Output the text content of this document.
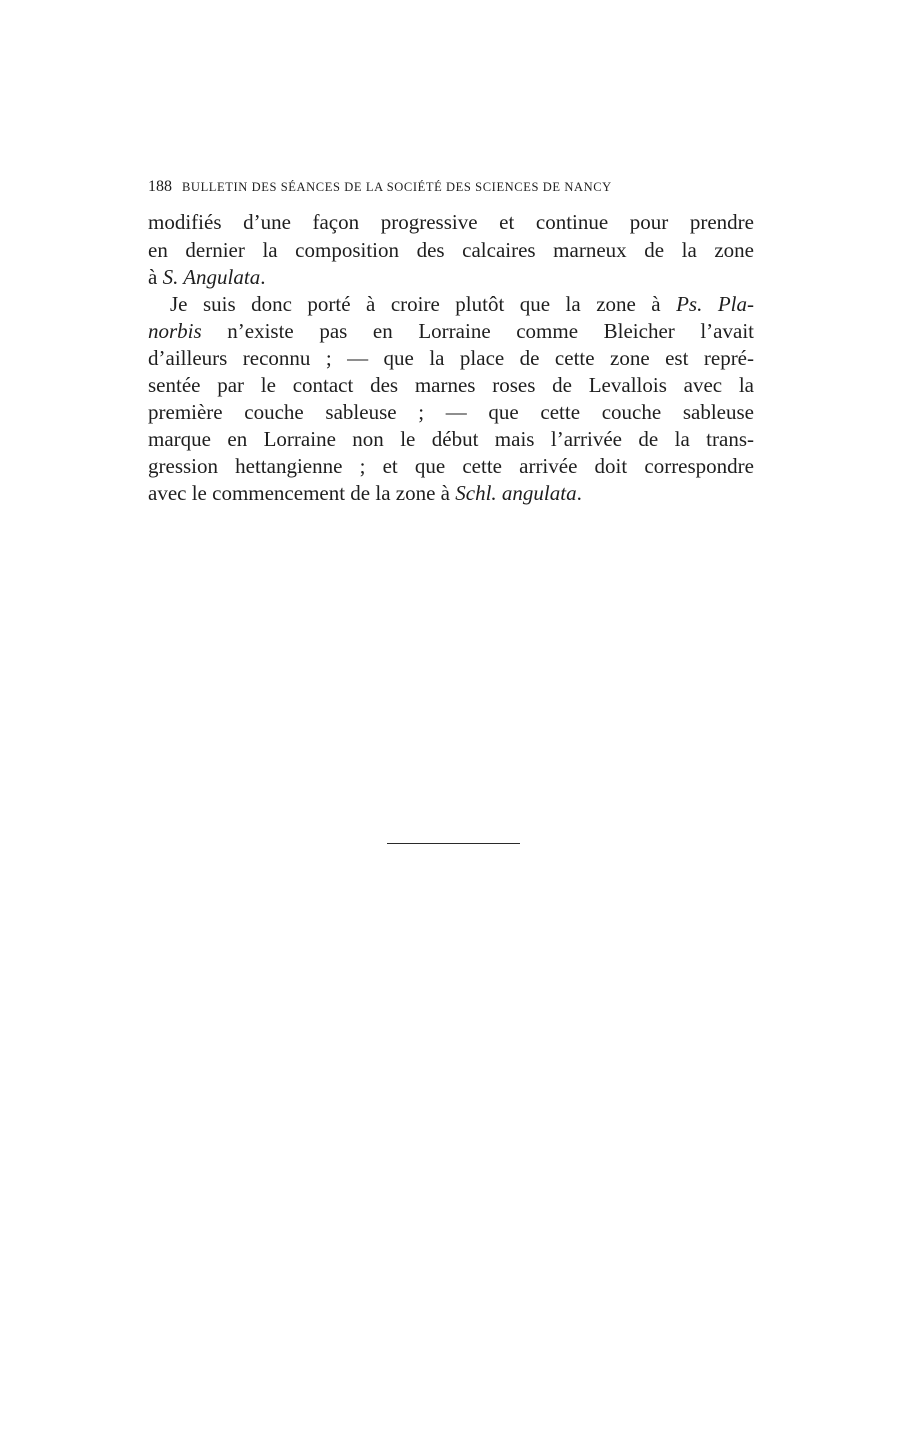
188 BULLETIN DES SÉANCES DE LA SOCIÉTÉ DES SCIENCES DE NANCY
modifiés d’une façon progressive et continue pour prendre
en dernier la composition des calcaires marneux de la zone
à S. Angulata.
Je suis donc porté à croire plutôt que la zone à Ps. Pla-
norbis n’existe pas en Lorraine comme Bleicher l’avait
d’ailleurs reconnu ; — que la place de cette zone est repré-
sentée par le contact des marnes roses de Levallois avec la
première couche sableuse ; — que cette couche sableuse
marque en Lorraine non le début mais l’arrivée de la trans-
gression hettangienne ; et que cette arrivée doit correspondre
avec le commencement de la zone à Schl. angulata.
